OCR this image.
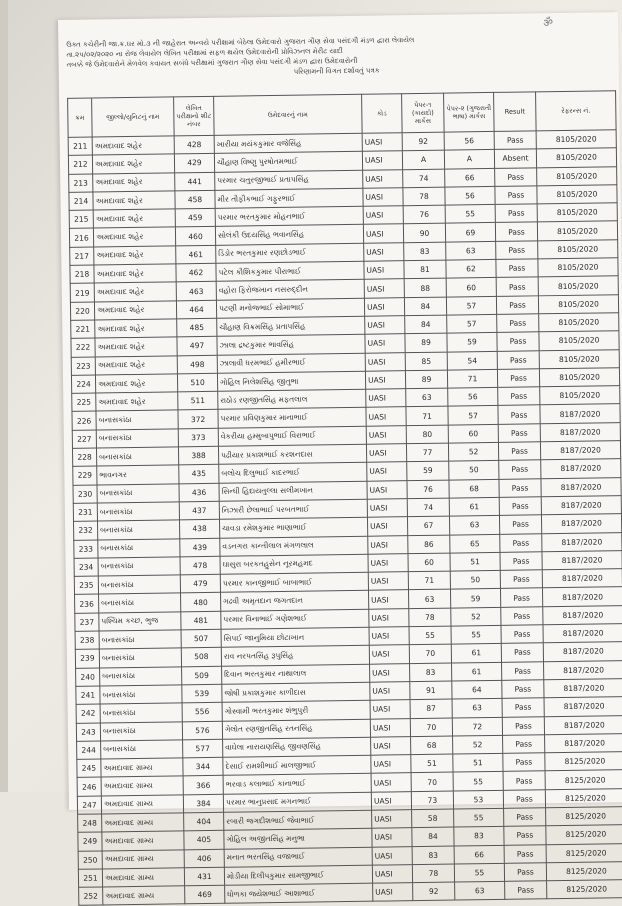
ॐ

ઉક્ત કચેરીની જા.ક્ર.ઘર મો.૩ ની જાહેરાત અન્વયે પરીક્ષામાં બેઠેલા ઉમેદવારો ગુજરાત ગૌણ સેવા પસંદગી મંડળ દ્વારા લેવાયેલ

તા.૨૫/૦૨/૨૦૨૦ ના રોજ લેવાયેલ લેખિત પરીક્ષામાં સફળ થયેલ ઉમેદવારોની પ્રોવિઝનલ મેરીટ યાદી

તબક્કે જે ઉમેદવારોને મેળવેલ કવાયત સબંધે પરીક્ષામાં ગુજરાત ગૌણ સેવા પસંદગી મંડળ દ્વારા ઉમેદવારોની

પરિણામની વિગત દર્શાવતું પત્રક

ક્રમ	જીલ્લો/યુનિટનું નામ	લેખિત પરીક્ષાનો શીટ નંબર	ઉમેદવારનું નામ	કોડ	પેપર-૧ (કાયદો) માર્કસ	પેપર-૨ (ગુજરાતી ભાષા) માર્કસ	Result	રેફરન્સ નં.
211	અમદાવાદ શહેર	428	ખારીયા મયંકકુમાર વજેસિંહ	UASI	92	56	Pass	8105/2020
212	અમદાવાદ શહેર	429	ચૌહાણ વિષ્ણુ પુરષોતમભાઈ	UASI	A	A	Absent	8105/2020
213	અમદાવાદ શહેર	441	પરમાર ચતુરજીભાઈ પ્રતાપસિંહ	UASI	74	66	Pass	8105/2020
214	અમદાવાદ શહેર	458	મીર તૌફીકભાઈ ગફુરભાઈ	UASI	78	56	Pass	8105/2020
215	અમદાવાદ શહેર	459	પરમાર ભરતકુમાર મોહનભાઈ	UASI	76	55	Pass	8105/2020
216	અમદાવાદ શહેર	460	સોલંકી ઉદયસિંહ ભવાનસિંહ	UASI	90	69	Pass	8105/2020
217	અમદાવાદ શહેર	461	ડિંડોર ભરતકુમાર રણછોડભાઈ	UASI	83	63	Pass	8105/2020
218	અમદાવાદ શહેર	462	પટેલ કૌશિકકુમાર પીરાભાઈ	UASI	81	62	Pass	8105/2020
219	અમદાવાદ શહેર	463	વહોરા ફિરોજખાન નસરુદ્દીન	UASI	88	60	Pass	8105/2020
220	અમદાવાદ શહેર	464	પટણી મનોજભાઈ સોમાભાઈ	UASI	84	57	Pass	8105/2020
221	અમદાવાદ શહેર	485	ચૌહાણ વિક્રમસિંહ પ્રતાપસિંહ	UASI	84	57	Pass	8105/2020
222	અમદાવાદ શહેર	497	ઝાલા દ્રષ્ટકુમાર ભાવસિંહ	UASI	89	59	Pass	8105/2020
223	અમદાવાદ શહેર	498	ઝાલાવી ધરમભાઈ હમીરભાઈ	UASI	85	54	Pass	8105/2020
224	અમદાવાદ શહેર	510	ગોહિલ નિલેશસિંહ જીતુભા	UASI	89	71	Pass	8105/2020
225	અમદાવાદ શહેર	511	રાઠોડ રણજીતસિંહ મફતલાલ	UASI	63	56	Pass	8105/2020
226	બનાસકાંઠા	372	પરમાર પ્રવિણકુમાર માનાભાઈ	UASI	71	57	Pass	8187/2020
227	બનાસકાંઠા	373	વેકરીયા હમ્મુબાપુભાઈ વિરાભાઈ	UASI	80	60	Pass	8187/2020
228	બનાસકાંઠા	388	પઢીયાર પ્રકાશભાઈ કરશનદાસ	UASI	77	52	Pass	8187/2020
229	ભાવનગર	435	બલોચ દિલુભાઈ કાદરભાઈ	UASI	59	50	Pass	8187/2020
230	બનાસકાંઠા	436	સિન્ધી હિદાયતુલ્લા સલીમખાન	UASI	76	68	Pass	8187/2020
231	બનાસકાંઠા	437	નિઝારી છેલાભાઈ પરબતભાઈ	UASI	74	61	Pass	8187/2020
232	બનાસકાંઠા	438	ચાવડા રમેશકુમાર ભાણાભાઈ	UASI	67	63	Pass	8187/2020
233	બનાસકાંઠા	439	વડનગરા કાન્તીલાલ મંગળલાલ	UASI	86	65	Pass	8187/2020
234	બનાસકાંઠા	478	ઘાસુરા બરકતહુસેન નૂરમહમદ	UASI	60	51	Pass	8187/2020
235	બનાસકાંઠા	479	પરમાર કાનજીભાઈ બાબાભાઈ	UASI	71	50	Pass	8187/2020
236	બનાસકાંઠા	480	ગઢવી અમૃતદાન જગતદાન	UASI	63	59	Pass	8187/2020
237	પશ્ચિમ કચ્છ, ભુજ	481	પરમાર વિનાભાઈ ગણેશભાઈ	UASI	78	52	Pass	8187/2020
238	બનાસકાંઠા	507	સિપઈ જાનુમિયા છોટાખાન	UASI	55	55	Pass	8187/2020
239	બનાસકાંઠા	508	રાવ નરપતસિંહ રૂપુસિંહ	UASI	70	61	Pass	8187/2020
240	બનાસકાંઠા	509	દિવાન ભરતકુમાર નાથાલાલ	UASI	83	61	Pass	8187/2020
241	બનાસકાંઠા	539	જોષી પ્રકાશકુમાર કાળીદાસ	UASI	91	64	Pass	8187/2020
242	બનાસકાંઠા	556	ગોસ્વામી ભરતકુમાર શંભુપુરી	UASI	87	63	Pass	8187/2020
243	બનાસકાંઠા	576	ગેલોત રણજીતસિંહ રતનસિંહ	UASI	70	72	Pass	8187/2020
244	બનાસકાંઠા	577	વાઘેલા નારાયણસિંહ જીવણસિંહ	UASI	68	52	Pass	8187/2020
245	અમદાવાદ ગ્રામ્ય	344	દેસાઈ રામશીભાઈ માલજીભાઈ	UASI	51	51	Pass	8125/2020
246	અમદાવાદ ગ્રામ્ય	366	ભરવાડ કલાભાઈ કાનાભાઈ	UASI	70	55	Pass	8125/2020
247	અમદાવાદ ગ્રામ્ય	384	પરમાર ભાનુપ્રસાદ મગનભાઈ	UASI	73	53	Pass	8125/2020
248	અમદાવાદ ગ્રામ્ય	404	રબારી જગદીશભાઈ જેવાભાઈ	UASI	58	55	Pass	8125/2020
249	અમદાવાદ ગ્રામ્ય	405	ગોહિલ અજીતસિંહ મનુભા	UASI	84	83	Pass	8125/2020
250	અમદાવાદ ગ્રામ્ય	406	મનાત ભરતસિંહ વજાભાઈ	UASI	83	66	Pass	8125/2020
251	અમદાવાદ ગ્રામ્ય	431	મોડીયા દિલીપકુમાર સામજીભાઈ	UASI	78	55	Pass	8125/2020
252	અમદાવાદ ગ્રામ્ય	469	ધોળકા જયેશભાઈ આશાભાઈ	UASI	92	63	Pass	8125/2020
